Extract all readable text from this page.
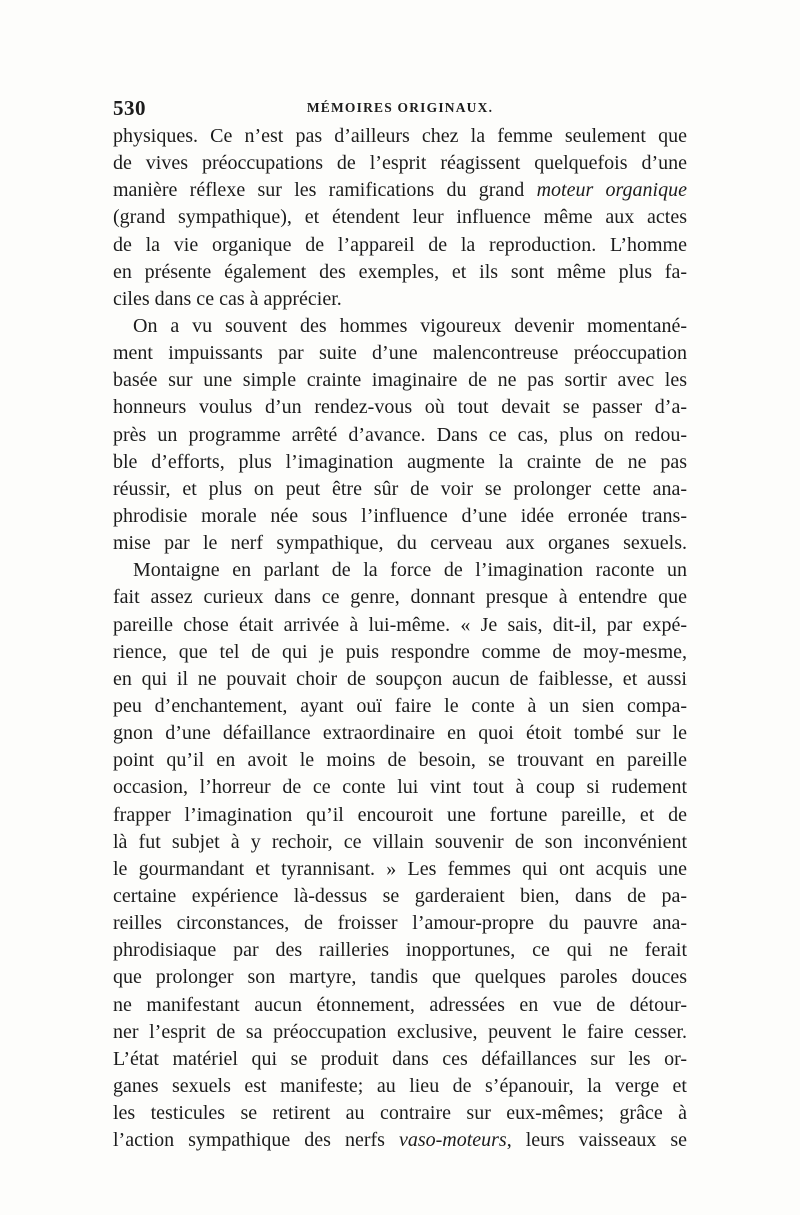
530	MÉMOIRES ORIGINAUX.
physiques. Ce n’est pas d’ailleurs chez la femme seulement que
de vives préoccupations de l’esprit réagissent quelquefois d’une
manière réflexe sur les ramifications du grand moteur organique
(grand sympathique), et étendent leur influence même aux actes
de la vie organique de l’appareil de la reproduction. L’homme
en présente également des exemples, et ils sont même plus fa-
ciles dans ce cas à apprécier.
On a vu souvent des hommes vigoureux devenir momentané-
ment impuissants par suite d’une malencontreuse préoccupation
basée sur une simple crainte imaginaire de ne pas sortir avec les
honneurs voulus d’un rendez-vous où tout devait se passer d’a-
près un programme arrêté d’avance. Dans ce cas, plus on redou-
ble d’efforts, plus l’imagination augmente la crainte de ne pas
réussir, et plus on peut être sûr de voir se prolonger cette ana-
phrodisie morale née sous l’influence d’une idée erronée trans-
mise par le nerf sympathique, du cerveau aux organes sexuels.
Montaigne en parlant de la force de l’imagination raconte un
fait assez curieux dans ce genre, donnant presque à entendre que
pareille chose était arrivée à lui-même. « Je sais, dit-il, par expé-
rience, que tel de qui je puis respondre comme de moy-mesme,
en qui il ne pouvait choir de soupçon aucun de faiblesse, et aussi
peu d’enchantement, ayant ouï faire le conte à un sien compa-
gnon d’une défaillance extraordinaire en quoi étoit tombé sur le
point qu’il en avoit le moins de besoin, se trouvant en pareille
occasion, l’horreur de ce conte lui vint tout à coup si rudement
frapper l’imagination qu’il encouroit une fortune pareille, et de
là fut subjet à y rechoir, ce villain souvenir de son inconvénient
le gourmandant et tyrannisant. » Les femmes qui ont acquis une
certaine expérience là-dessus se garderaient bien, dans de pa-
reilles circonstances, de froisser l’amour-propre du pauvre ana-
phrodisiaque par des railleries inopportunes, ce qui ne ferait
que prolonger son martyre, tandis que quelques paroles douces
ne manifestant aucun étonnement, adressées en vue de détour-
ner l’esprit de sa préoccupation exclusive, peuvent le faire cesser.
L’état matériel qui se produit dans ces défaillances sur les or-
ganes sexuels est manifeste; au lieu de s’épanouir, la verge et
les testicules se retirent au contraire sur eux-mêmes; grâce à
l’action sympathique des nerfs vaso-moteurs, leurs vaisseaux se
